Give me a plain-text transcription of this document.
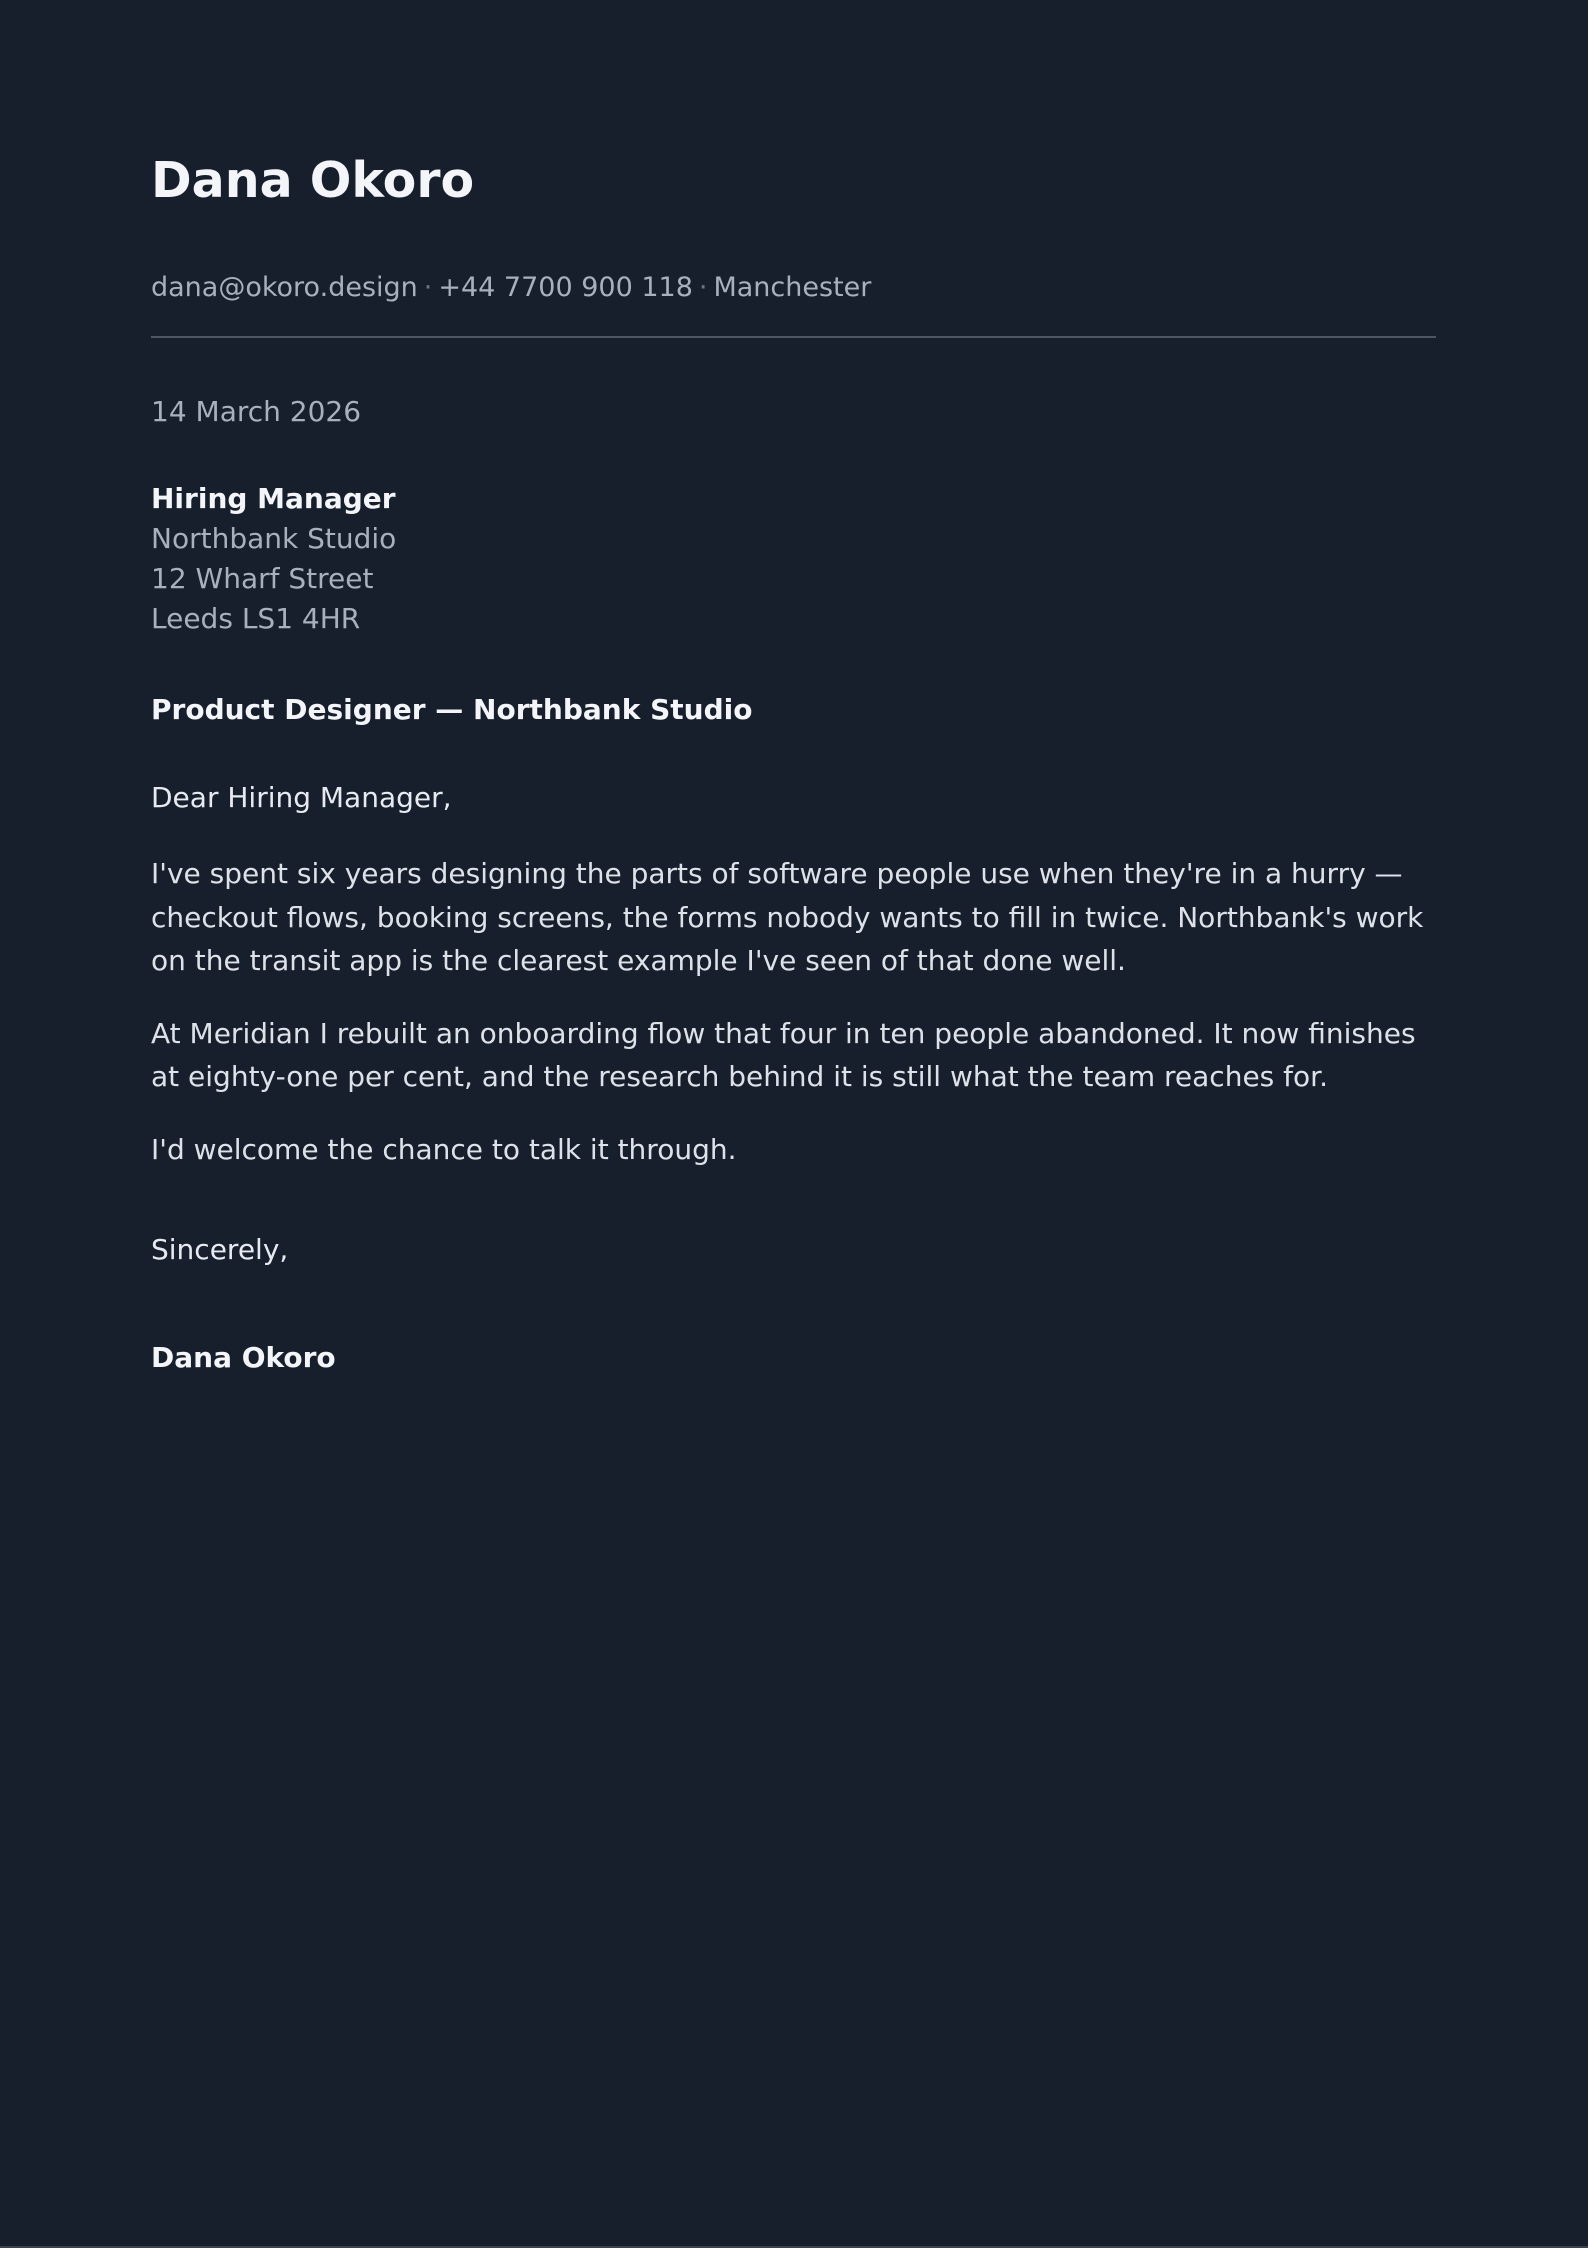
Dana Okoro
dana@okoro.design · +44 7700 900 118 · Manchester
14 March 2026
Hiring Manager
Northbank Studio
12 Wharf Street
Leeds LS1 4HR
Product Designer — Northbank Studio
Dear Hiring Manager,

I've spent six years designing the parts of software people use when they're in a hurry — checkout flows, booking screens, the forms nobody wants to fill in twice. Northbank's work on the transit app is the clearest example I've seen of that done well.

At Meridian I rebuilt an onboarding flow that four in ten people abandoned. It now finishes at eighty-one per cent, and the research behind it is still what the team reaches for.

I'd welcome the chance to talk it through.

Sincerely,
Dana Okoro
